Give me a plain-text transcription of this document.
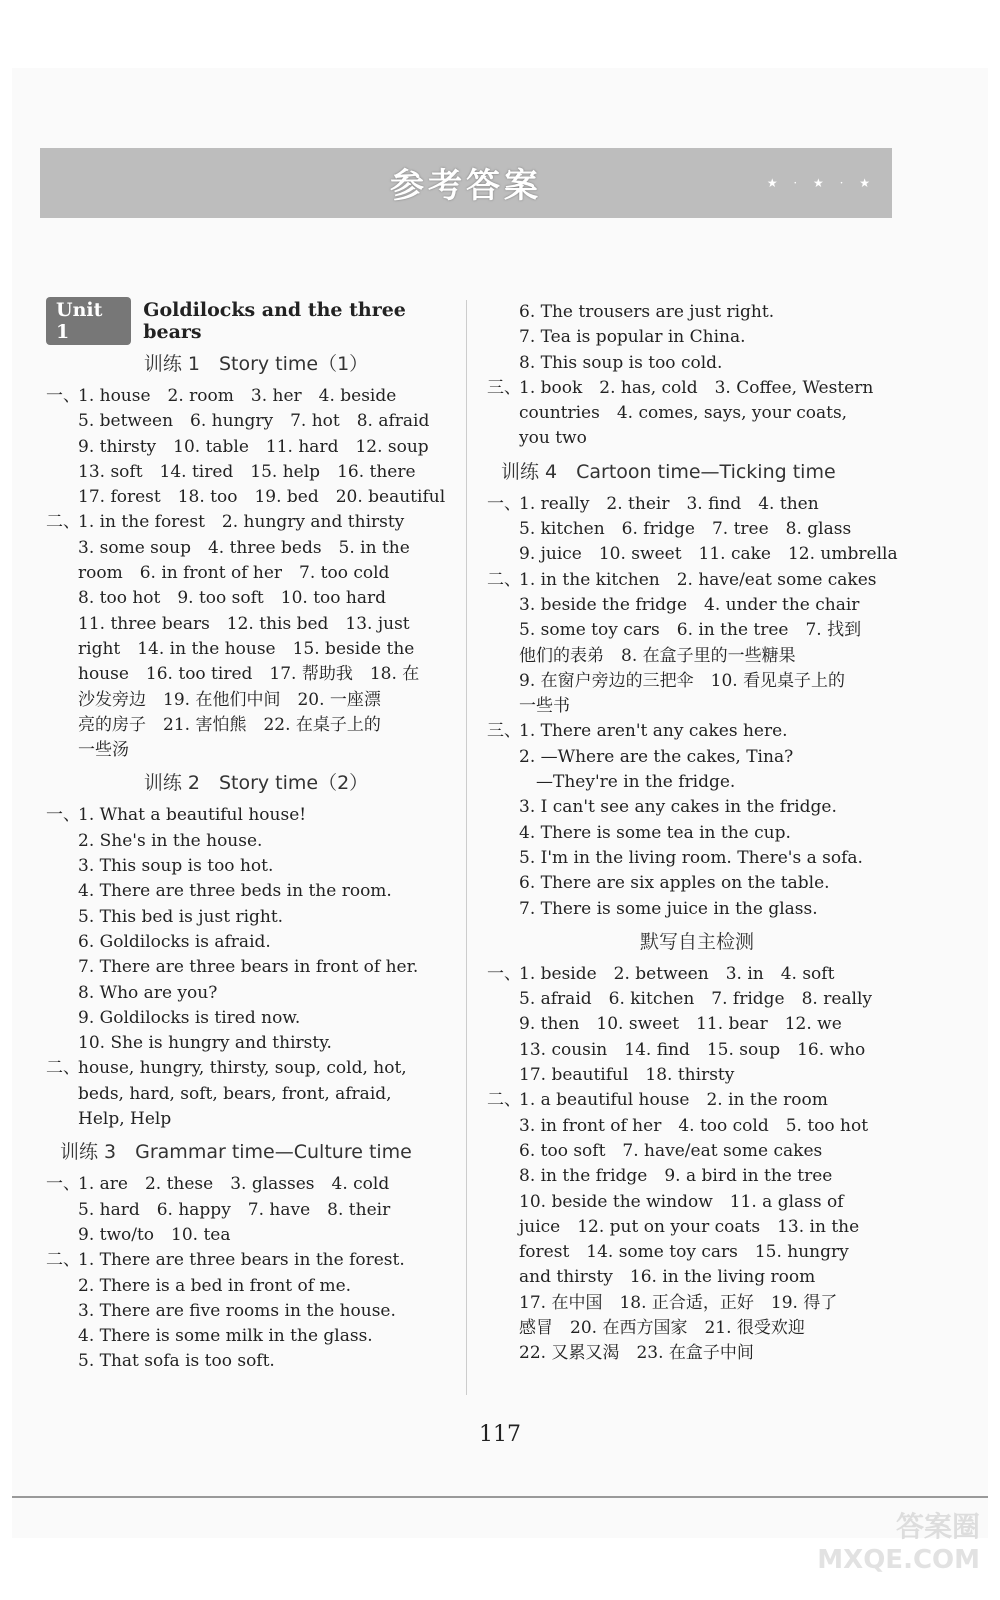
参考答案	★ · ★ · ★
Unit 1
Goldilocks and the three bears
训练 1　Story time（1）
一、1. house　2. room　3. her　4. beside
5. between　6. hungry　7. hot　8. afraid
9. thirsty　10. table　11. hard　12. soup
13. soft　14. tired　15. help　16. there
17. forest　18. too　19. bed　20. beautiful
二、1. in the forest　2. hungry and thirsty
3. some soup　4. three beds　5. in the
room　6. in front of her　7. too cold
8. too hot　9. too soft　10. too hard
11. three bears　12. this bed　13. just
right　14. in the house　15. beside the
house　16. too tired　17. 帮助我　18. 在
沙发旁边　19. 在他们中间　20. 一座漂
亮的房子　21. 害怕熊　22. 在桌子上的
一些汤
训练 2　Story time（2）
一、1. What a beautiful house!
2. She's in the house.
3. This soup is too hot.
4. There are three beds in the room.
5. This bed is just right.
6. Goldilocks is afraid.
7. There are three bears in front of her.
8. Who are you?
9. Goldilocks is tired now.
10. She is hungry and thirsty.
二、house, hungry, thirsty, soup, cold, hot,
beds, hard, soft, bears, front, afraid,
Help, Help
训练 3　Grammar time—Culture time
一、1. are　2. these　3. glasses　4. cold
5. hard　6. happy　7. have　8. their
9. two/to　10. tea
二、1. There are three bears in the forest.
2. There is a bed in front of me.
3. There are five rooms in the house.
4. There is some milk in the glass.
5. That sofa is too soft.
6. The trousers are just right.
7. Tea is popular in China.
8. This soup is too cold.
三、1. book　2. has, cold　3. Coffee, Western
countries　4. comes, says, your coats,
you two
训练 4　Cartoon time—Ticking time
一、1. really　2. their　3. find　4. then
5. kitchen　6. fridge　7. tree　8. glass
9. juice　10. sweet　11. cake　12. umbrella
二、1. in the kitchen　2. have/eat some cakes
3. beside the fridge　4. under the chair
5. some toy cars　6. in the tree　7. 找到
他们的表弟　8. 在盒子里的一些糖果
9. 在窗户旁边的三把伞　10. 看见桌子上的
一些书
三、1. There aren't any cakes here.
2. —Where are the cakes, Tina?
　—They're in the fridge.
3. I can't see any cakes in the fridge.
4. There is some tea in the cup.
5. I'm in the living room. There's a sofa.
6. There are six apples on the table.
7. There is some juice in the glass.
默写自主检测
一、1. beside　2. between　3. in　4. soft
5. afraid　6. kitchen　7. fridge　8. really
9. then　10. sweet　11. bear　12. we
13. cousin　14. find　15. soup　16. who
17. beautiful　18. thirsty
二、1. a beautiful house　2. in the room
3. in front of her　4. too cold　5. too hot
6. too soft　7. have/eat some cakes
8. in the fridge　9. a bird in the tree
10. beside the window　11. a glass of
juice　12. put on your coats　13. in the
forest　14. some toy cars　15. hungry
and thirsty　16. in the living room
17. 在中国　18. 正合适，正好　19. 得了
感冒　20. 在西方国家　21. 很受欢迎
22. 又累又渴　23. 在盒子中间
117
答案圈
MXQE.COM
